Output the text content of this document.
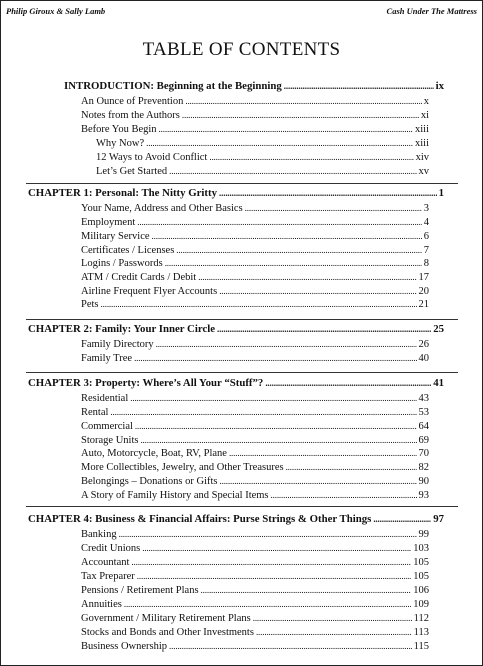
Philip Giroux & Sally Lamb	Cash Under The Mattress
TABLE OF CONTENTS
INTRODUCTION: Beginning at the Beginning . . .	ix
An Ounce of Prevention . . .	x
Notes from the Authors . . .	xi
Before You Begin . . .	xiii
Why Now? . . .	xiii
12 Ways to Avoid Conflict . . .	xiv
Let’s Get Started . . .	xv
CHAPTER 1: Personal: The Nitty Gritty . . .	1
Your Name, Address and Other Basics . . .	3
Employment . . .	4
Military Service . . .	6
Certificates / Licenses . . .	7
Logins / Passwords . . .	8
ATM / Credit Cards / Debit . . .	17
Airline Frequent Flyer Accounts . . .	20
Pets . . .	21
CHAPTER 2: Family: Your Inner Circle . . .	25
Family Directory . . .	26
Family Tree . . .	40
CHAPTER 3: Property: Where’s All Your “Stuff”? . . .	41
Residential . . .	43
Rental . . .	53
Commercial . . .	64
Storage Units . . .	69
Auto, Motorcycle, Boat, RV, Plane . . .	70
More Collectibles, Jewelry, and Other Treasures . . .	82
Belongings – Donations or Gifts . . .	90
A Story of Family History and Special Items . . .	93
CHAPTER 4: Business & Financial Affairs: Purse Strings & Other Things . . .	97
Banking . . .	99
Credit Unions . . .	103
Accountant . . .	105
Tax Preparer . . .	105
Pensions / Retirement Plans . . .	106
Annuities . . .	109
Government / Military Retirement Plans . . .	112
Stocks and Bonds and Other Investments . . .	113
Business Ownership . . .	115
